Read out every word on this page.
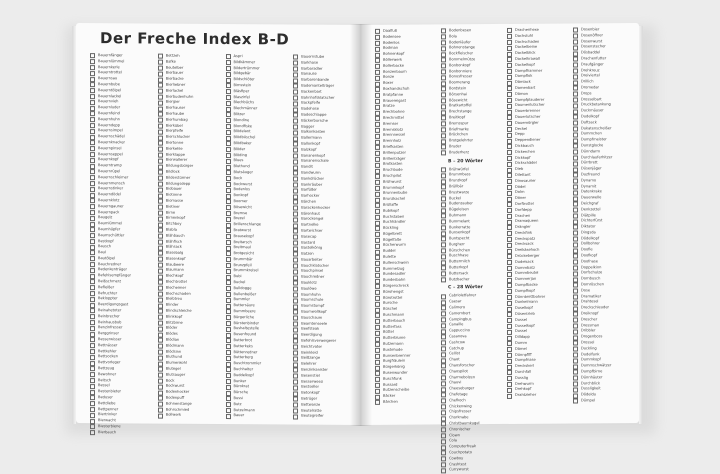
Der Freche Index B-D
Bauernfänger
Bauernlümmel
Bauernkerle
Bauerntrottel
Bauernsau
Bauernbube
Bauerntölpel
Bauernlackel
Bauernvieh
Bauernluder
Bauernfeind
Bauernhuhn
Bauerndepp
Bauernsimpel
Bauernschädel
Bauernknacker
Bauernpinsel
Bauernseppel
Bauernkopf
Bauerntramp
Bauernrüpel
Bauernschleimer
Bauernmensch
Bauernstinker
Bauerndödel
Bauernklotz
Bauerngauner
Bauernpack
Baugelz
Baumlümmel
Baumhüpfer
Baumschüttler
Bestkopf
Bausch
Baul
Bautölpel
Bauchredner
Bedenkenträger
Befehlsempfänger
Beißschmerz
Befleißer
Befruchter
Bekloppter
Beerdigungsgast
Beinahetoter
Beinbrecher
Beinhausbub
Benzinfresser
Berggrinser
Besserwisser
Bettnässer
Bettkehler
Bettsocken
Bettvorleger
Bettzeug
Bewohner
Beitsch
Bessel
Bestenbieter
Beduser
Bettdiebe
Bettpenner
Biertrinker
Bierwacht
Biesterbiene
Bierbauch
Bettzeh
Bafke
Beutelber
Bierbauer
Bierbacke
Bierliebner
Bierlackel
Bierbudenhuhn
Biergier
Bierhauser
Bierhaube
Bierhumbag
Bierkübel
Bierpfeife
Bierschlucker
Biertonne
Bierkehle
Bierklappe
Bierwallerer
Bildungsbürger
Bildlock
Bilderstürmer
Bildungsdepp
Biobauer
Biotonne
Biomasse
Bietiner
Birne
Birnenkopf
Bitchboy
Blabla
Blähbauch
Blähfisch
Blähsack
Blasebalg
Blasenkopf
Blaubeere
Blaumann
Blechkopf
Blechtrottel
Blecheimer
Blechschaden
Bleibtreu
Blinder
Blindschleiche
Blinkkopf
Blitzbirne
Blöder
Blödes
Blödian
Blödmann
Blödsinn
Bluthund
Blumenkohl
Blutegel
Blutsauger
Bock
Bockwurst
Bodenhocker
Bodenpuff
Bohnenstange
Bohrschmied
Bollwerk
Aspri
Bildkämmer
Bildertrümmer
Bildgebär
Bildschlöter
Bimsstein
Bläsfiper
Blaszirfel
Blechbüchs
Blechmänner
Blitzer
Blondine
Blondfiske
Blödelant
Blödbüschel
Blödbaker
Blöder
Blöding
Blues
Bluthund
Blutsäuger
Bock
Bockwurst
Bodenlos
Bonkopf
Boomer
Bösewicht
Bremse
Brezel
Brillenschlange
Bratwurst
Brausekopf
Breitarsch
Breitmaul
Brotgesicht
Brummbär
Brunzpfeil
Brummkreisel
Bubi
Buckel
Bulldogge
Bullenbeißer
Bummler
Buttersäure
Bummbeere
Bürgerliche
Bürstenbinder
Bushaltestelle
Busenfreund
Butterbrot
Butterkeks
Büttenredner
Butterberg
Buschtrommler
Buchhalter
Buddelkopf
Bunker
Bürokrat
Bürsche
Bussi
Butz
Butzelmann
Bauer
Bauernstube
Barkhase
Barbaradler
Banause
Barbarenbande
Bademantelträger
Backenbart
Bahnhofsklatscher
Backpfeife
Badehose
Badeschlappe
Bäckerbursche
Bagger
Balkonkasten
Ballermann
Ballonkopf
Balzkopf
Bananenkopf
Bananenschale
Bandit
Bandwurm
Bankdrücker
Bankräuber
Barfüßer
Barhocker
Bärchen
Barackenhocker
Bärenhaut
Barockengel
Bartnelke
Bartwichser
Basecap
Bastard
Bastelkönig
Batzen
Bauarbeiter
Bauchklatscher
Bauchpinsel
Bauchredner
Bauklotz
Baulöwe
Baumhuhn
Baumschule
Baumstumpf
Baumwollkopf
Bauschaum
Beamtenseele
Beefsteak
Beerdigung
Befehlsverweigerer
Beichtvater
Beinkleid
Beißzange
Belehrer
Benzinkanister
Besenstiel
Besserwessi
Bestseller
Betonkopf
Betrüger
Bettwanze
Beutelratte
Beutegreifer
Daalfuß
Bodensee
Bodenlos
Bodman
Bohnenkopf
Böllerwerk
Bollerbacke
Bonzenbaum
Bonze
Boxer
Boxhandschuh
Bratpfanne
Brauereigast
Bratze
Brechbohne
Brechmittel
Bremser
Bremsklotz
Brennnessel
Brennholz
Briefkasten
Brillenputzer
Brillenträger
Brotkasten
Bruchbude
Bruchpilot
Brühwurst
Brummkopf
Brunnenbube
Brunzkachel
Brüllaffe
Bubikopf
Buchstaben
Buchhändler
Bückling
Bügelbrett
Bügelfalte
Bücherwurm
Buddel
Bulette
Bullenschwein
Bummelzug
Bundesadler
Bundesbahn
Bürgerschreck
Bürohengst
Bürotrottel
Bursche
Büschel
Buschmann
Butterbauch
Butterfass
Büttel
Butterblume
Butzemann
Buxtehude
Bunsenbrenner
Burgfräulein
Bürgerkönig
Busenwunder
Buschfunk
Bussard
Butzenscheibe
Bäcker
Bärchen
Bodenbesen
Bola
Bodenläufer
Bohnenstange
Bockfleischer
Bommelmütze
Bonbonkopf
Bonbonniere
Bonusfresser
Boomerang
Bordstein
Börsenhai
Bösewicht
Bratkartoffel
Brechstange
Breitkopf
Bremsspur
Briefmarke
Bröckchen
Brotgelehrter
Bruder
Bruderherz
B – 20 Wörter
Brühwürfel
Brummbass
Brunzkopf
Brüllbär
Brustwarze
Buckel
Budenzauber
Bügeleisen
Buhmann
Bummelant
Bunkerratte
Bunsenkopf
Buntspecht
Burgherr
Bürschchen
Buschhase
Buttermilch
Butterkopf
Buttersack
Butzbacher
C – 28 Wörter
Cabrioletfahrer
Caesar
Calimero
Camembert
Campingbus
Canaille
Cappuccino
Casanova
Cashcow
Catchup
Cellist
Chaot
Chaosforscher
Chaospilot
Charmebolzen
Chauvi
Cheeseburger
Chefetage
Chefkoch
Chickenwing
Chipsfresser
Chorknabe
Christbaumkugel
Chronischer
Clown
Cola
Computerfreak
Couchpotato
Cowboy
Crashtest
Currywurst
Drachenhexe
Dachstuhl
Dachschaden
Dackelbeine
Dackelblick
Dackelkrawall
Dackelkopf
Dampfhammer
Dampflok
Dämlack
Damenbart
Dämon
Dampfplauderer
Daumenlutscher
Dauerbrenner
Dauerlutscher
Dauernörgler
Deckel
Depp
Deppendiener
Dickbauch
Dickerchen
Dickkopf
Dickschädel
Dieb
Dilettant
Dinosaurier
Dödel
Dolm
Döner
Dorftrottel
Dorfdepp
Drachen
Dramaqueen
Drängler
Dreckfink
Dreckspatz
Drecksack
Dreikäsehoch
Drückeberger
Dudelsack
Dummbatz
Dummbeutel
Dummerjan
Dumpfbacke
Dumpfkopf
Dünnbrettbohrer
Dunkelmann
Duselkopf
Düsentrieb
Dussel
Dusselkopf
Dussel
Dilldapp
Dumm
Dämel
Dünnpfiff
Dumpfnase
Dreckskerl
Durchfall
Dusslig
Drehwurm
Drehkopf
Drahtzieher
Dosenbier
Dosenöffner
Dosenwurst
Dosenstecher
Dösbaddel
Drachenfutter
Draufgänger
Drehkreuz
Dreiviertel
Drillich
Dromedar
Drops
Drosselbart
Druckbetankung
Duckmäuser
Dudelkopf
Duftsack
Dukatenscheißer
Dummchen
Dumpfmeister
Dunstglocke
Dünndarm
Durchlauferhitzer
Dürrbrett
Düsenjäger
Duzfreund
Dynamo
Dynamit
Datenkrake
Dauerwelle
Deichgraf
Denkzettel
Diätpille
Dichterfürst
Diktator
Dingsda
Dödelkopf
Dollbohrer
Doofie
Doofkopf
Doofnase
Doppelkinn
Dorfschulze
Dornbusch
Dornröschen
Dose
Dramatiker
Drahtesel
Dreckschleuder
Dreiknopf
Drescher
Dressman
Dribbler
Drogenboss
Drossel
Duckling
Dudelfunk
Dummkopf
Dummschwätzer
Dumpfbirne
Dünnhäuter
Durchblick
Dussligkeit
Dödeldu
Dümpel
